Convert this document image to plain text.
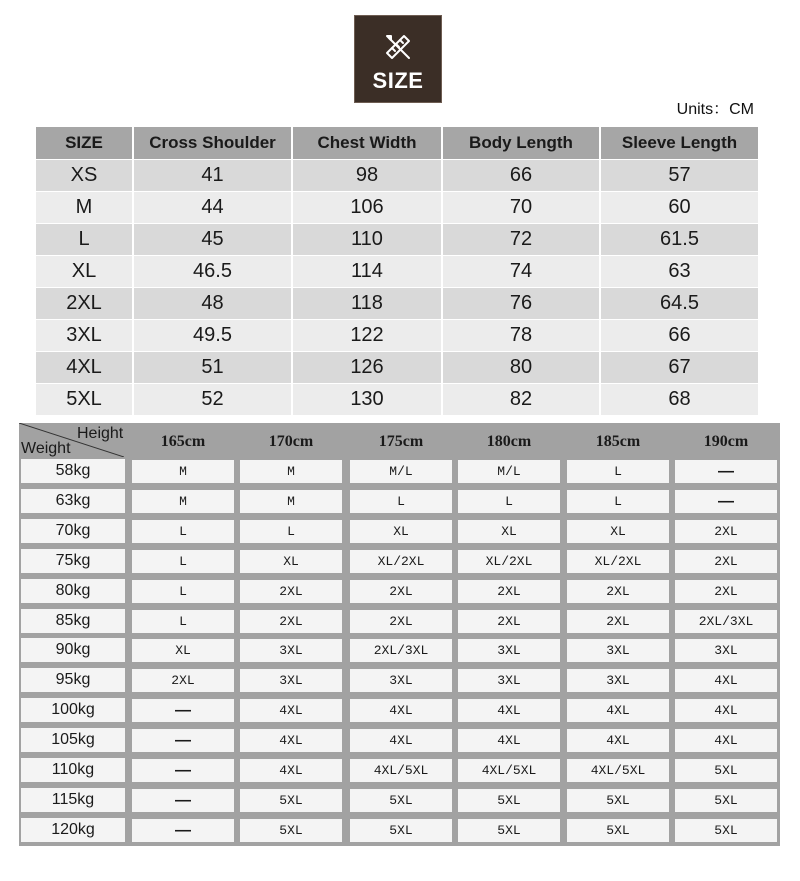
SIZE
Units：CM
SIZE	Cross Shoulder	Chest Width	Body Length	Sleeve Length
XS	41	98	66	57
M	44	106	70	60
L	45	110	72	61.5
XL	46.5	114	74	63
2XL	48	118	76	64.5
3XL	49.5	122	78	66
4XL	51	126	80	67
5XL	52	130	82	68
Height
Weight	165cm	170cm	175cm	180cm	185cm	190cm
58kg	M	M	M/L	M/L	L	—
63kg	M	M	L	L	L	—
70kg	L	L	XL	XL	XL	2XL
75kg	L	XL	XL/2XL	XL/2XL	XL/2XL	2XL
80kg	L	2XL	2XL	2XL	2XL	2XL
85kg	L	2XL	2XL	2XL	2XL	2XL/3XL
90kg	XL	3XL	2XL/3XL	3XL	3XL	3XL
95kg	2XL	3XL	3XL	3XL	3XL	4XL
100kg	—	4XL	4XL	4XL	4XL	4XL
105kg	—	4XL	4XL	4XL	4XL	4XL
110kg	—	4XL	4XL/5XL	4XL/5XL	4XL/5XL	5XL
115kg	—	5XL	5XL	5XL	5XL	5XL
120kg	—	5XL	5XL	5XL	5XL	5XL
